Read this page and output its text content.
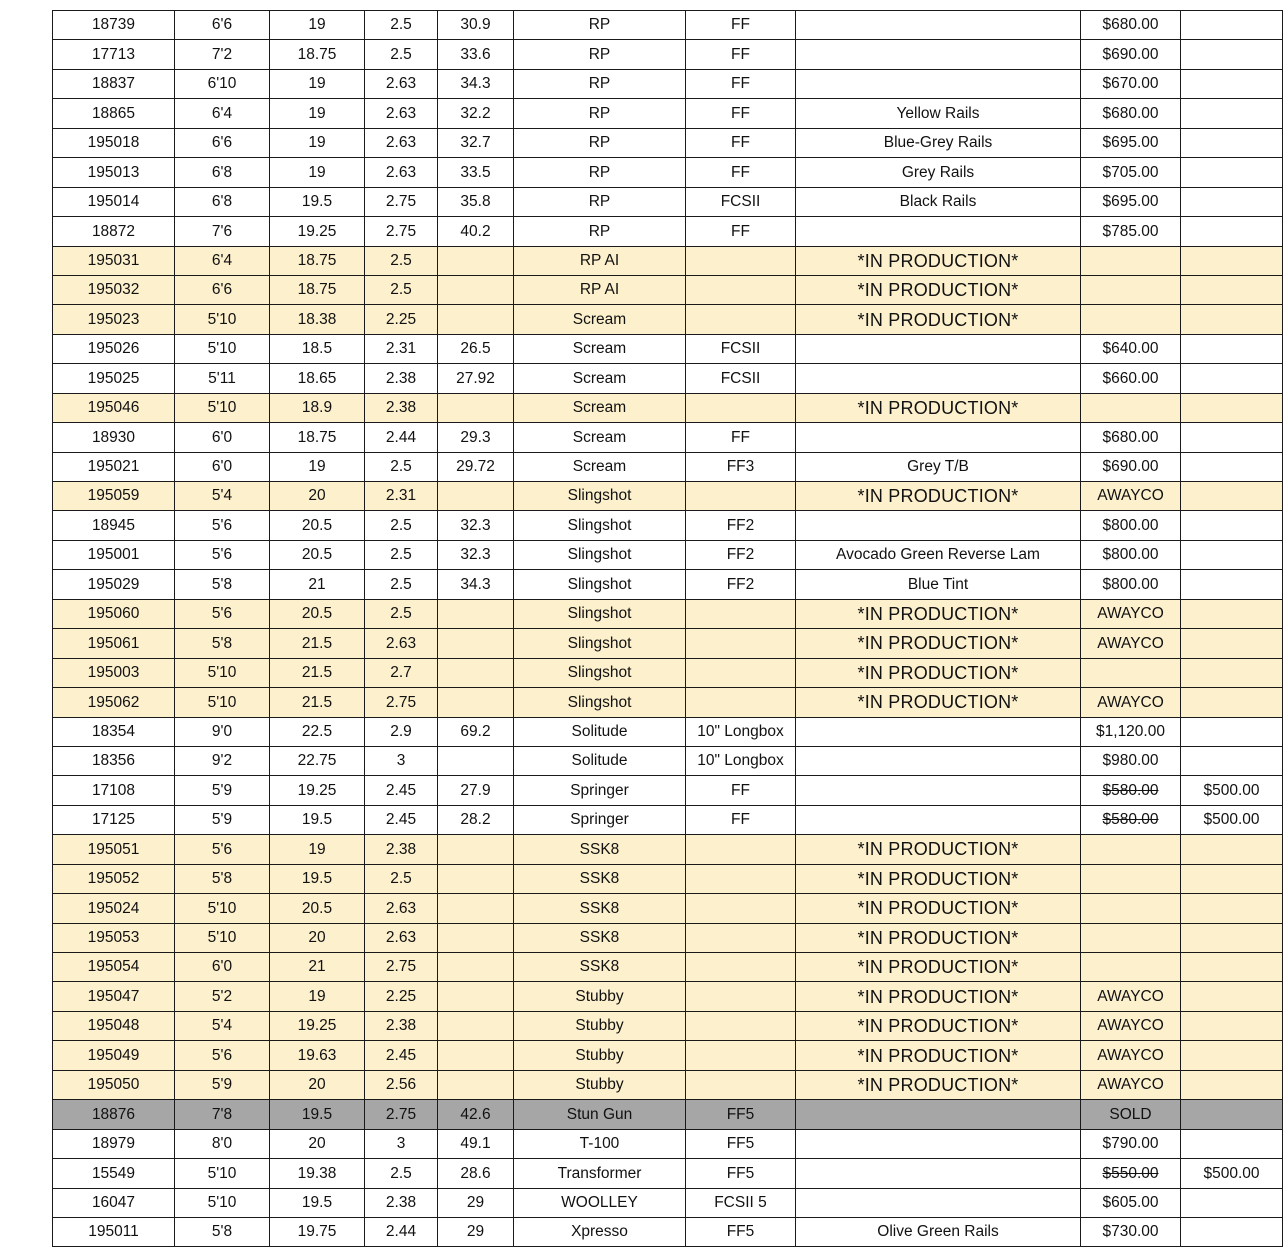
18739	6'6	19	2.5	30.9	RP	FF		$680.00	
17713	7'2	18.75	2.5	33.6	RP	FF		$690.00	
18837	6'10	19	2.63	34.3	RP	FF		$670.00	
18865	6'4	19	2.63	32.2	RP	FF	Yellow Rails	$680.00	
195018	6'6	19	2.63	32.7	RP	FF	Blue-Grey Rails	$695.00	
195013	6'8	19	2.63	33.5	RP	FF	Grey Rails	$705.00	
195014	6'8	19.5	2.75	35.8	RP	FCSII	Black Rails	$695.00	
18872	7'6	19.25	2.75	40.2	RP	FF		$785.00	
195031	6'4	18.75	2.5		RP AI		*IN PRODUCTION*		
195032	6'6	18.75	2.5		RP AI		*IN PRODUCTION*		
195023	5'10	18.38	2.25		Scream		*IN PRODUCTION*		
195026	5'10	18.5	2.31	26.5	Scream	FCSII		$640.00	
195025	5'11	18.65	2.38	27.92	Scream	FCSII		$660.00	
195046	5'10	18.9	2.38		Scream		*IN PRODUCTION*		
18930	6'0	18.75	2.44	29.3	Scream	FF		$680.00	
195021	6'0	19	2.5	29.72	Scream	FF3	Grey T/B	$690.00	
195059	5'4	20	2.31		Slingshot		*IN PRODUCTION*	AWAYCO	
18945	5'6	20.5	2.5	32.3	Slingshot	FF2		$800.00	
195001	5'6	20.5	2.5	32.3	Slingshot	FF2	Avocado Green Reverse Lam	$800.00	
195029	5'8	21	2.5	34.3	Slingshot	FF2	Blue Tint	$800.00	
195060	5'6	20.5	2.5		Slingshot		*IN PRODUCTION*	AWAYCO	
195061	5'8	21.5	2.63		Slingshot		*IN PRODUCTION*	AWAYCO	
195003	5'10	21.5	2.7		Slingshot		*IN PRODUCTION*		
195062	5'10	21.5	2.75		Slingshot		*IN PRODUCTION*	AWAYCO	
18354	9'0	22.5	2.9	69.2	Solitude	10" Longbox		$1,120.00	
18356	9'2	22.75	3		Solitude	10" Longbox		$980.00	
17108	5'9	19.25	2.45	27.9	Springer	FF		$580.00	$500.00
17125	5'9	19.5	2.45	28.2	Springer	FF		$580.00	$500.00
195051	5'6	19	2.38		SSK8		*IN PRODUCTION*		
195052	5'8	19.5	2.5		SSK8		*IN PRODUCTION*		
195024	5'10	20.5	2.63		SSK8		*IN PRODUCTION*		
195053	5'10	20	2.63		SSK8		*IN PRODUCTION*		
195054	6'0	21	2.75		SSK8		*IN PRODUCTION*		
195047	5'2	19	2.25		Stubby		*IN PRODUCTION*	AWAYCO	
195048	5'4	19.25	2.38		Stubby		*IN PRODUCTION*	AWAYCO	
195049	5'6	19.63	2.45		Stubby		*IN PRODUCTION*	AWAYCO	
195050	5'9	20	2.56		Stubby		*IN PRODUCTION*	AWAYCO	
18876	7'8	19.5	2.75	42.6	Stun Gun	FF5		SOLD	
18979	8'0	20	3	49.1	T-100	FF5		$790.00	
15549	5'10	19.38	2.5	28.6	Transformer	FF5		$550.00	$500.00
16047	5'10	19.5	2.38	29	WOOLLEY	FCSII 5		$605.00	
195011	5'8	19.75	2.44	29	Xpresso	FF5	Olive Green Rails	$730.00	
